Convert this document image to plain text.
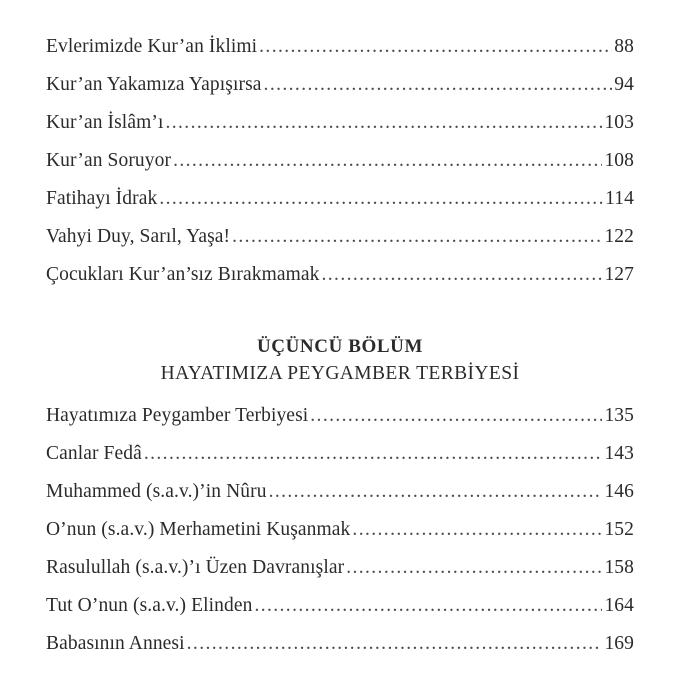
Evlerimizde Kur’an İklimi .....	88
Kur’an Yakamıza Yapışırsa .....	94
Kur’an İslâm’ı .....	103
Kur’an Soruyor .....	108
Fatihayı İdrak .....	114
Vahyi Duy, Sarıl, Yaşa! .....	122
Çocukları Kur’an’sız Bırakmamak .....	127

ÜÇÜNCÜ BÖLÜM

HAYATIMIZA PEYGAMBER TERBİYESİ

Hayatımıza Peygamber Terbiyesi .....	135
Canlar Fedâ .....	143
Muhammed (s.a.v.)’in Nûru .....	146
O’nun (s.a.v.) Merhametini Kuşanmak .....	152
Rasulullah (s.a.v.)’ı Üzen Davranışlar .....	158
Tut O’nun (s.a.v.) Elinden .....	164
Babasının Annesi .....	169
